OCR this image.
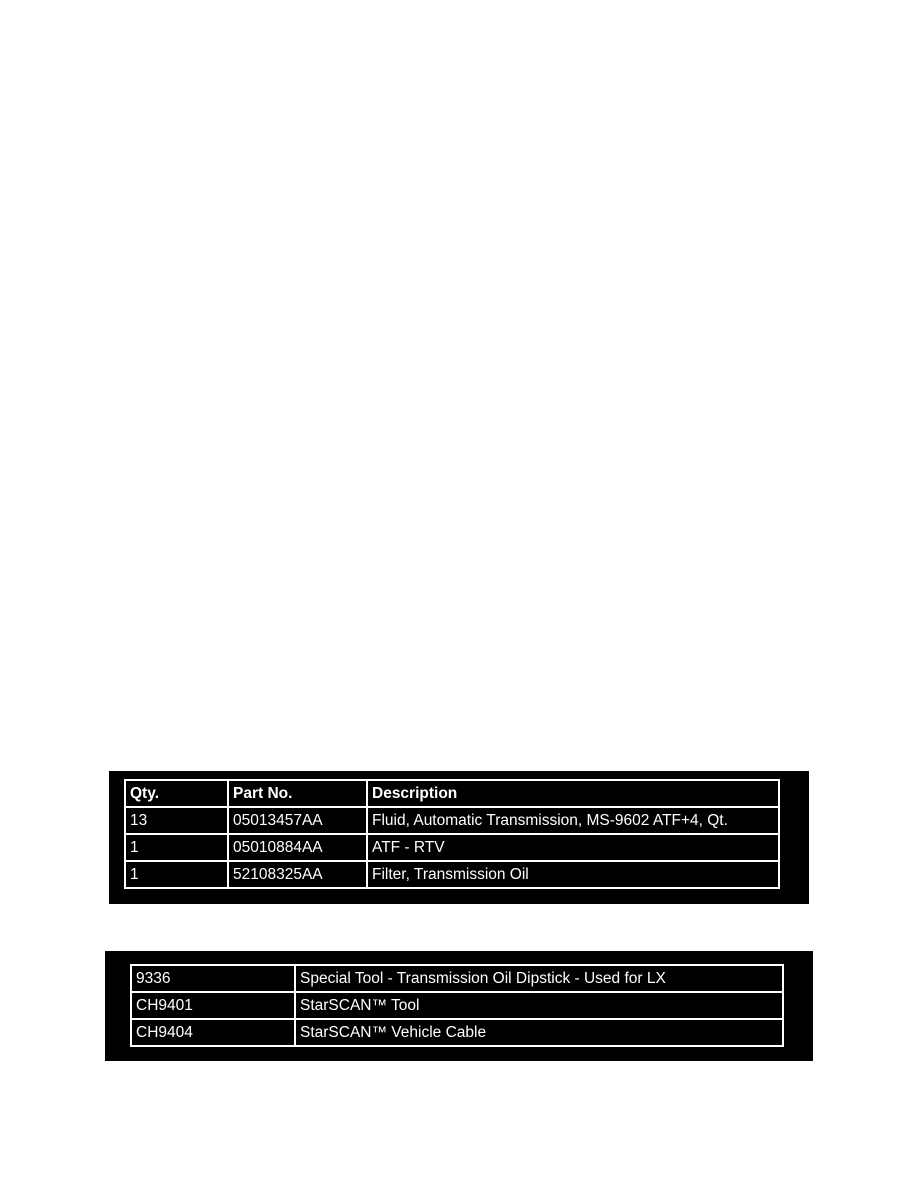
Qty.	Part No.	Description
13	05013457AA	Fluid, Automatic Transmission, MS-9602 ATF+4, Qt.
1	05010884AA	ATF - RTV
1	52108325AA	Filter, Transmission Oil
9336	Special Tool - Transmission Oil Dipstick - Used for LX
CH9401	StarSCAN™ Tool
CH9404	StarSCAN™ Vehicle Cable
